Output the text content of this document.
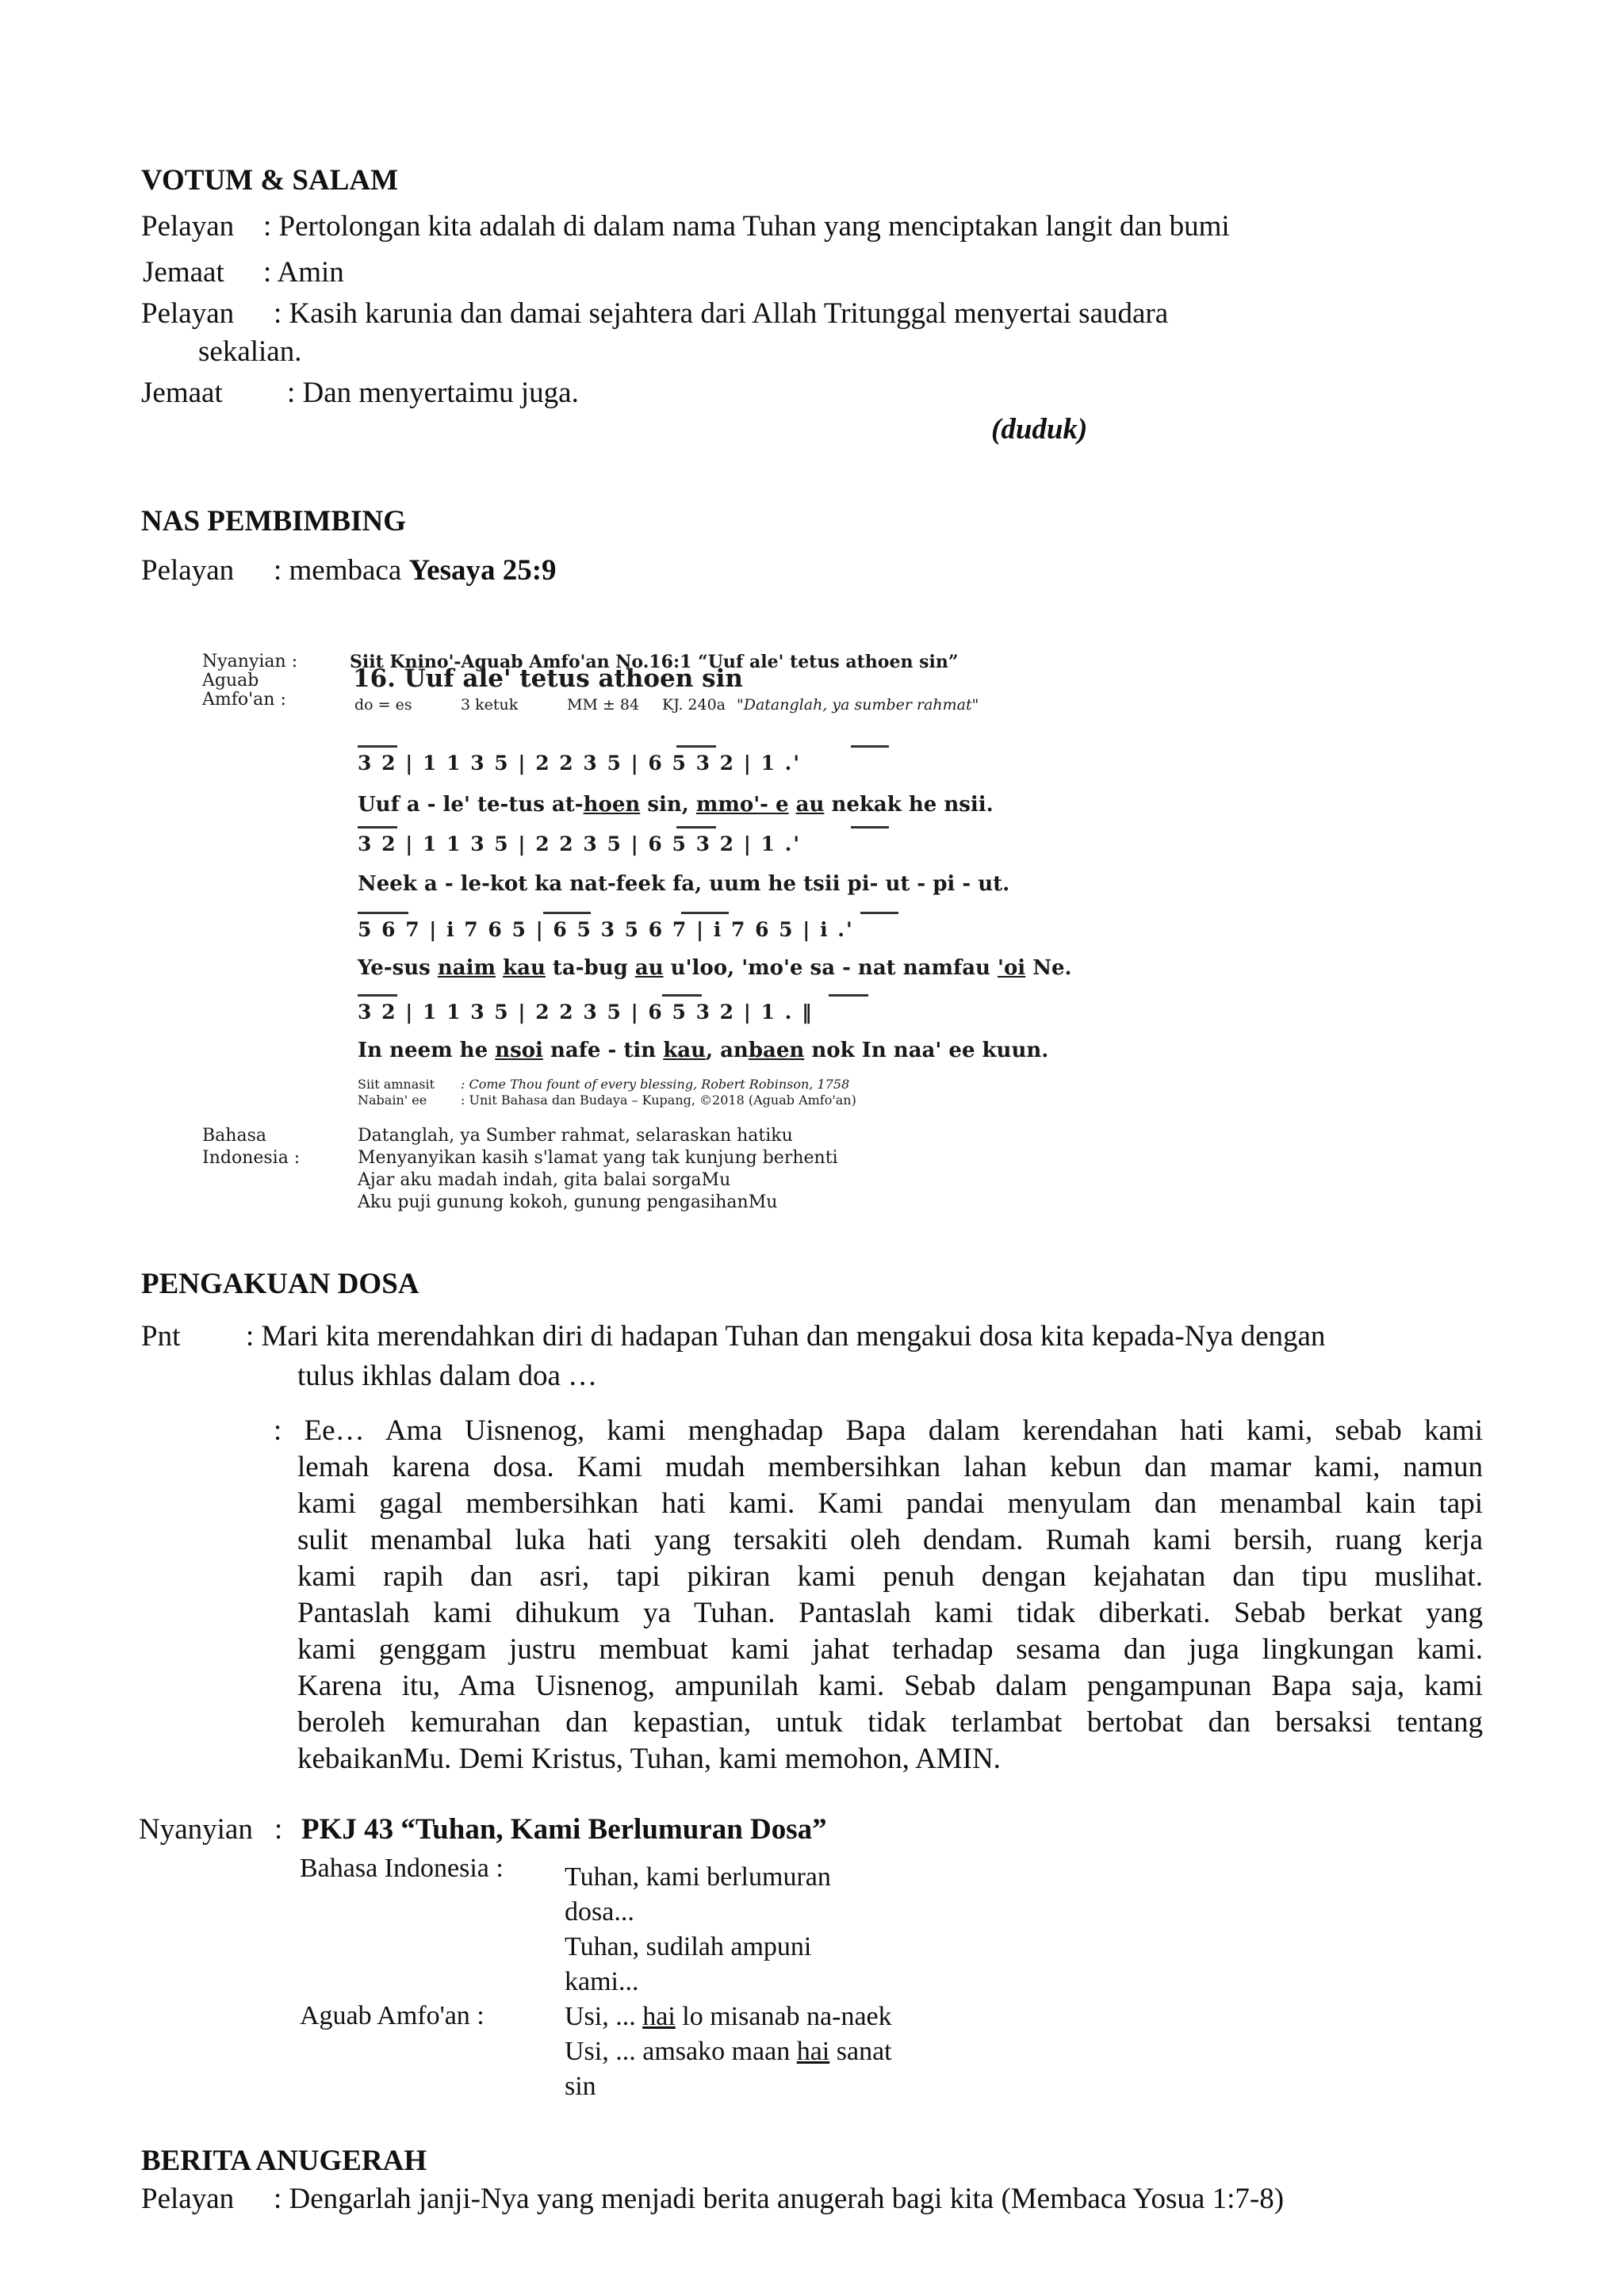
VOTUM & SALAM
Pelayan : Pertolongan kita adalah di dalam nama Tuhan yang menciptakan langit dan bumi
Jemaat : Amin
Pelayan : Kasih karunia dan damai sejahtera dari Allah Tritunggal menyertai saudara
sekalian.
Jemaat : Dan menyertaimu juga.
(duduk)
NAS PEMBIMBING
Pelayan : membaca Yesaya 25:9
Nyanyian :	Siit Knino'-Aguab Amfo'an No.16:1 “Uuf ale' tetus athoen sin”
Aguab	16. Uuf ale' tetus athoen sin
Amfo'an :	do = es	3 ketuk	MM ± 84 KJ. 240a "Datanglah, ya sumber rahmat"
3 2 | 1 1 3 5 | 2 2 3 5 | 6 5 3 2 | 1 .'
Uuf a - le' te-tus at-hoen sin, mmo'- e au nekak he nsii.
3 2 | 1 1 3 5 | 2 2 3 5 | 6 5 3 2 | 1 .'
Neek a - le-kot ka nat-feek fa, uum he tsii pi- ut - pi - ut.
5 6 7 | i 7 6 5 | 6 5 3 5 6 7 | i 7 6 5 | i .'
Ye-sus naim kau ta-bug au u'loo, 'mo'e sa - nat namfau 'oi Ne.
3 2 | 1 1 3 5 | 2 2 3 5 | 6 5 3 2 | 1 . ‖
In neem he nsoi nafe - tin kau, anbaen nok In naa' ee kuun.
Siit amnasit : Come Thou fount of every blessing, Robert Robinson, 1758
Nabain' ee	: Unit Bahasa dan Budaya – Kupang, ©2018 (Aguab Amfo'an)
Bahasa
Indonesia :
Datanglah, ya Sumber rahmat, selaraskan hatiku
Menyanyikan kasih s'lamat yang tak kunjung berhenti
Ajar aku madah indah, gita balai sorgaMu
Aku puji gunung kokoh, gunung pengasihanMu
PENGAKUAN DOSA
Pnt : Mari kita merendahkan diri di hadapan Tuhan dan mengakui dosa kita kepada-Nya dengan
tulus ikhlas dalam doa …
: Ee… Ama Uisnenog, kami menghadap Bapa dalam kerendahan hati kami, sebab kami
lemah karena dosa. Kami mudah membersihkan lahan kebun dan mamar kami, namun
kami gagal membersihkan hati kami. Kami pandai menyulam dan menambal kain tapi
sulit menambal luka hati yang tersakiti oleh dendam. Rumah kami bersih, ruang kerja
kami rapih dan asri, tapi pikiran kami penuh dengan kejahatan dan tipu muslihat.
Pantaslah kami dihukum ya Tuhan. Pantaslah kami tidak diberkati. Sebab berkat yang
kami genggam justru membuat kami jahat terhadap sesama dan juga lingkungan kami.
Karena itu, Ama Uisnenog, ampunilah kami. Sebab dalam pengampunan Bapa saja, kami
beroleh kemurahan dan kepastian, untuk tidak terlambat bertobat dan bersaksi tentang
kebaikanMu. Demi Kristus, Tuhan, kami memohon, AMIN.
Nyanyian : PKJ 43 “Tuhan, Kami Berlumuran Dosa”
Bahasa Indonesia : Tuhan, kami berlumuran
dosa...
Tuhan, sudilah ampuni
kami...
Aguab Amfo'an :	Usi, ... hai lo misanab na-naek
Usi, ... amsako maan hai sanat
sin
BERITA ANUGERAH
Pelayan : Dengarlah janji-Nya yang menjadi berita anugerah bagi kita (Membaca Yosua 1:7-8)
